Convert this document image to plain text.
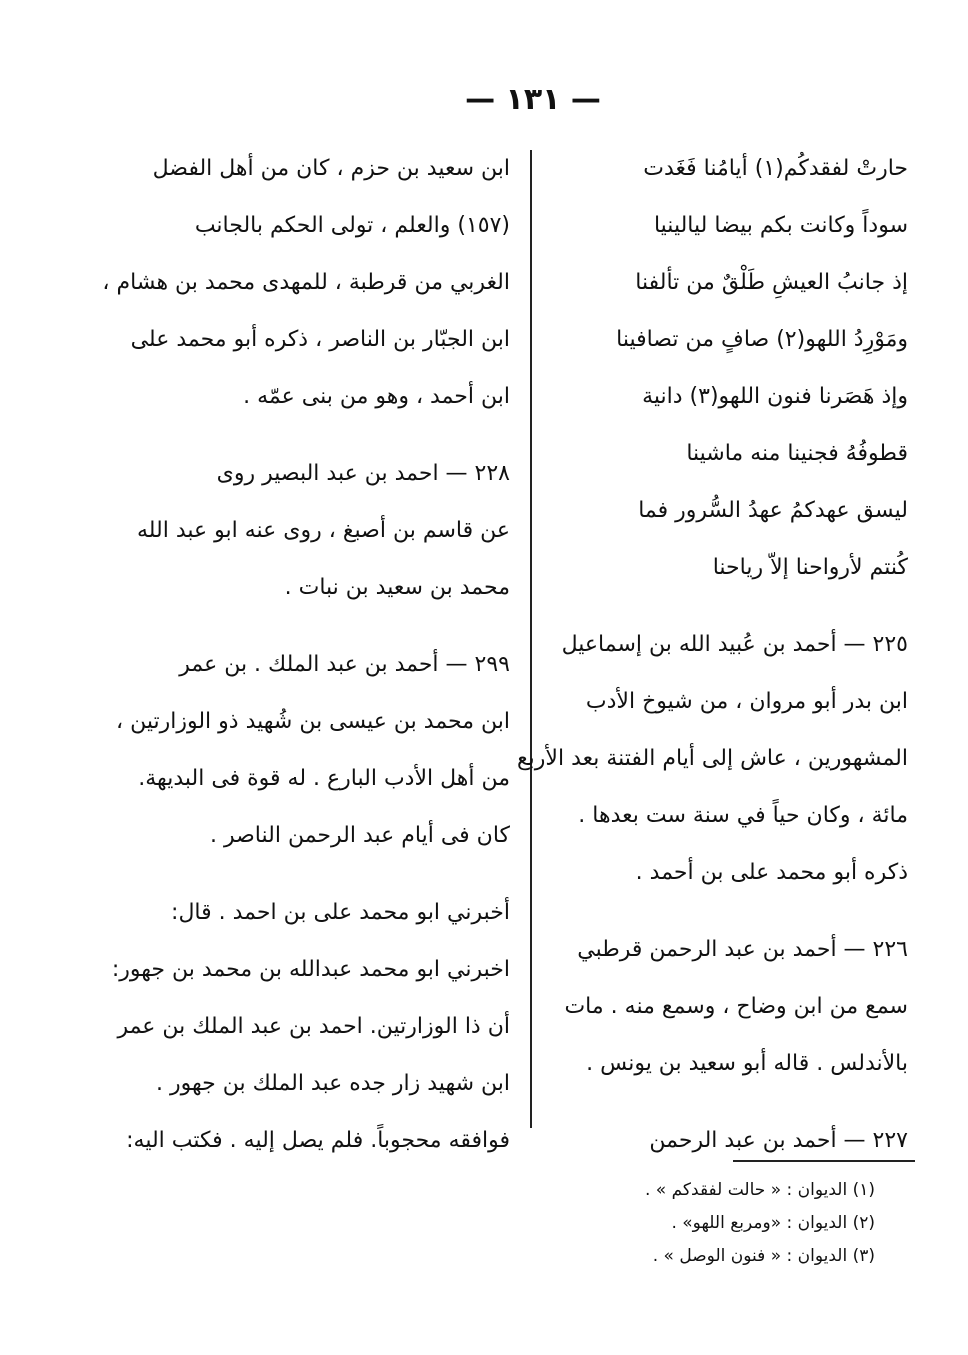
— ١٣١ —
حارتْ لفقدكُم(١) أيامُنا فَغَدت
سوداً وكانت بكم بيضا ليالينيا
إذ جانبُ العيشِ طَلْقٌ من تألفنا
ومَوْرِدُ اللهو(٢) صافٍ من تصافينا
وإذ هَصَرنا فنون اللهو(٣) دانية
قطوفُهُ فجنينا منه ماشينا
ليسق عهدكمُ عهدُ السُّرور فما
كُنتم لأرواحنا إلاّ رياحنا
٢٢٥ — أحمد بن عُبيد الله بن إسماعيل
ابن بدر أبو مروان ، من شيوخ الأدب
المشهورين ، عاش إلى أيام الفتنة بعد الأربع
مائة ، وكان حياً في سنة ست بعدها .
ذكره أبو محمد على بن أحمد .
٢٢٦ — أحمد بن عبد الرحمن قرطبي
سمع من ابن وضاح ، وسمع منه . مات
بالأندلس . قاله أبو سعيد بن يونس .
٢٢٧ — أحمد بن عبد الرحمن
ابن سعيد بن حزم ، كان من أهل الفضل
(١٥٧) والعلم ، تولى الحكم بالجانب
الغربي من قرطبة ، للمهدى محمد بن هشام ،
ابن الجبّار بن الناصر ، ذكره أبو محمد على
ابن أحمد ، وهو من بنى عمّه .
٢٢٨ — احمد بن عبد البصير روى
عن قاسم بن أصبغ ، روى عنه ابو عبد الله
محمد بن سعيد بن نبات .
٢٩٩ — أحمد بن عبد الملك . بن عمر
ابن محمد بن عيسى بن شُهيد ذو الوزارتين ،
من أهل الأدب البارع . له قوة فى البديهة.
كان فى أيام عبد الرحمن الناصر .
أخبرني ابو محمد على بن احمد . قال:
اخبرني ابو محمد عبدالله بن محمد بن جهور:
أن ذا الوزارتين. احمد بن عبد الملك بن عمر
ابن شهيد زار جده عبد الملك بن جهور .
فوافقه محجوباً. فلم يصل إليه . فكتب اليه:
(١) الديوان : « حالت لفقدكم » .
(٢) الديوان : «ومربع اللهو» .
(٣) الديوان : « فنون الوصل » .
